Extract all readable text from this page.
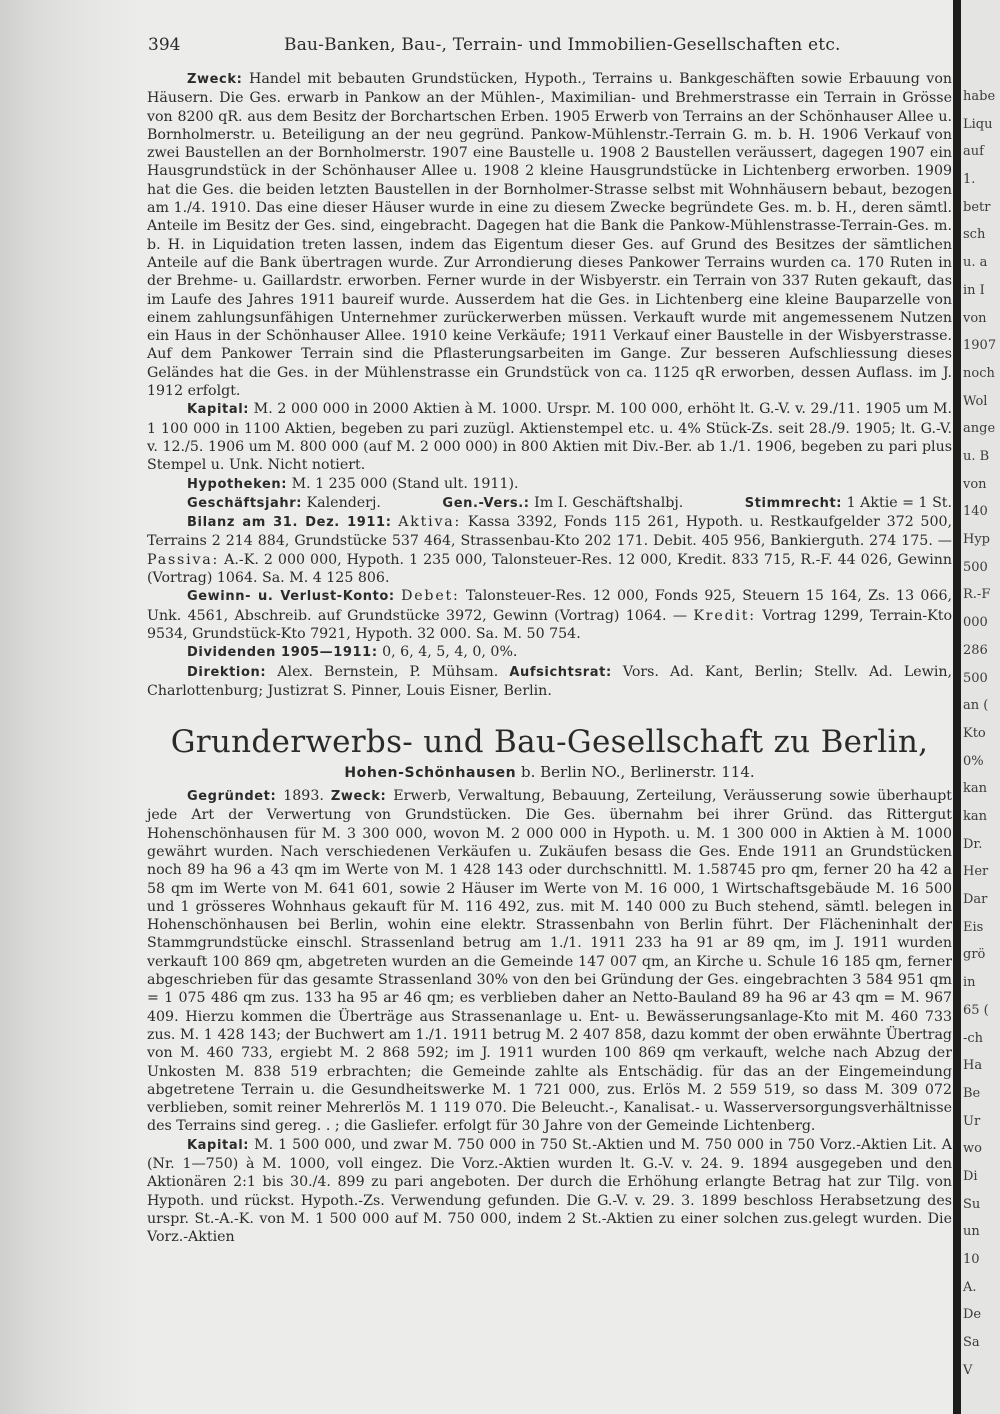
habe
Liqu
auf
1.
betr
sch
u. a
in I
von
1907
noch
Wol
ange
u. B
von
140
Hyp
500
R.-F
000
286
500
an (
Kto
0%
kan
kan
Dr.
Her
Dar
Eis
grö
in
65 (
-ch
Ha
Be
Ur
wo
Di
Su
un
10
A.
De
Sa
V
394	Bau-Banken, Bau-, Terrain- und Immobilien-Gesellschaften etc.

Zweck: Handel mit bebauten Grundstücken, Hypoth., Terrains u. Bankgeschäften sowie Erbauung von Häusern. Die Ges. erwarb in Pankow an der Mühlen-, Maximilian- und Brehmerstrasse ein Terrain in Grösse von 8200 qR. aus dem Besitz der Borchartschen Erben. 1905 Erwerb von Terrains an der Schönhauser Allee u. Bornholmerstr. u. Beteiligung an der neu gegründ. Pankow-Mühlenstr.-Terrain G. m. b. H. 1906 Verkauf von zwei Baustellen an der Bornholmerstr. 1907 eine Baustelle u. 1908 2 Baustellen veräussert, dagegen 1907 ein Hausgrundstück in der Schönhauser Allee u. 1908 2 kleine Hausgrundstücke in Lichtenberg erworben. 1909 hat die Ges. die beiden letzten Baustellen in der Bornholmer-Strasse selbst mit Wohnhäusern bebaut, bezogen am 1./4. 1910. Das eine dieser Häuser wurde in eine zu diesem Zwecke begründete Ges. m. b. H., deren sämtl. Anteile im Besitz der Ges. sind, eingebracht. Dagegen hat die Bank die Pankow-Mühlenstrasse-Terrain-Ges. m. b. H. in Liquidation treten lassen, indem das Eigentum dieser Ges. auf Grund des Besitzes der sämtlichen Anteile auf die Bank übertragen wurde. Zur Arrondierung dieses Pankower Terrains wurden ca. 170 Ruten in der Brehme- u. Gaillardstr. erworben. Ferner wurde in der Wisbyerstr. ein Terrain von 337 Ruten gekauft, das im Laufe des Jahres 1911 baureif wurde. Ausserdem hat die Ges. in Lichtenberg eine kleine Bauparzelle von einem zahlungsunfähigen Unternehmer zurückerwerben müssen. Verkauft wurde mit angemessenem Nutzen ein Haus in der Schönhauser Allee. 1910 keine Verkäufe; 1911 Verkauf einer Baustelle in der Wisbyerstrasse. Auf dem Pankower Terrain sind die Pflasterungsarbeiten im Gange. Zur besseren Aufschliessung dieses Geländes hat die Ges. in der Mühlenstrasse ein Grundstück von ca. 1125 qR erworben, dessen Auflass. im J. 1912 erfolgt.

Kapital: M. 2 000 000 in 2000 Aktien à M. 1000. Urspr. M. 100 000, erhöht lt. G.-V. v. 29./11. 1905 um M. 1 100 000 in 1100 Aktien, begeben zu pari zuzügl. Aktienstempel etc. u. 4% Stück-Zs. seit 28./9. 1905; lt. G.-V. v. 12./5. 1906 um M. 800 000 (auf M. 2 000 000) in 800 Aktien mit Div.-Ber. ab 1./1. 1906, begeben zu pari plus Stempel u. Unk. Nicht notiert.

Hypotheken: M. 1 235 000 (Stand ult. 1911).

Geschäftsjahr: Kalenderj.	Gen.-Vers.: Im I. Geschäftshalbj.	Stimmrecht: 1 Aktie = 1 St.

Bilanz am 31. Dez. 1911: Aktiva: Kassa 3392, Fonds 115 261, Hypoth. u. Restkaufgelder 372 500, Terrains 2 214 884, Grundstücke 537 464, Strassenbau-Kto 202 171. Debit. 405 956, Bankierguth. 274 175. — Passiva: A.-K. 2 000 000, Hypoth. 1 235 000, Talonsteuer-Res. 12 000, Kredit. 833 715, R.-F. 44 026, Gewinn (Vortrag) 1064. Sa. M. 4 125 806.

Gewinn- u. Verlust-Konto: Debet: Talonsteuer-Res. 12 000, Fonds 925, Steuern 15 164, Zs. 13 066, Unk. 4561, Abschreib. auf Grundstücke 3972, Gewinn (Vortrag) 1064. — Kredit: Vortrag 1299, Terrain-Kto 9534, Grundstück-Kto 7921, Hypoth. 32 000. Sa. M. 50 754.

Dividenden 1905—1911: 0, 6, 4, 5, 4, 0, 0%.

Direktion: Alex. Bernstein, P. Mühsam. Aufsichtsrat: Vors. Ad. Kant, Berlin; Stellv. Ad. Lewin, Charlottenburg; Justizrat S. Pinner, Louis Eisner, Berlin.

Grunderwerbs- und Bau-Gesellschaft zu Berlin,
Hohen-Schönhausen b. Berlin NO., Berlinerstr. 114.

Gegründet: 1893. Zweck: Erwerb, Verwaltung, Bebauung, Zerteilung, Veräusserung sowie überhaupt jede Art der Verwertung von Grundstücken. Die Ges. übernahm bei ihrer Gründ. das Rittergut Hohenschönhausen für M. 3 300 000, wovon M. 2 000 000 in Hypoth. u. M. 1 300 000 in Aktien à M. 1000 gewährt wurden. Nach verschiedenen Verkäufen u. Zukäufen besass die Ges. Ende 1911 an Grundstücken noch 89 ha 96 a 43 qm im Werte von M. 1 428 143 oder durchschnittl. M. 1.58745 pro qm, ferner 20 ha 42 a 58 qm im Werte von M. 641 601, sowie 2 Häuser im Werte von M. 16 000, 1 Wirtschaftsgebäude M. 16 500 und 1 grösseres Wohnhaus gekauft für M. 116 492, zus. mit M. 140 000 zu Buch stehend, sämtl. belegen in Hohenschönhausen bei Berlin, wohin eine elektr. Strassenbahn von Berlin führt. Der Flächeninhalt der Stammgrundstücke einschl. Strassenland betrug am 1./1. 1911 233 ha 91 ar 89 qm, im J. 1911 wurden verkauft 100 869 qm, abgetreten wurden an die Gemeinde 147 007 qm, an Kirche u. Schule 16 185 qm, ferner abgeschrieben für das gesamte Strassenland 30% von den bei Gründung der Ges. eingebrachten 3 584 951 qm = 1 075 486 qm zus. 133 ha 95 ar 46 qm; es verblieben daher an Netto-Bauland 89 ha 96 ar 43 qm = M. 967 409. Hierzu kommen die Überträge aus Strassenanlage u. Ent- u. Bewässerungsanlage-Kto mit M. 460 733 zus. M. 1 428 143; der Buchwert am 1./1. 1911 betrug M. 2 407 858, dazu kommt der oben erwähnte Übertrag von M. 460 733, ergiebt M. 2 868 592; im J. 1911 wurden 100 869 qm verkauft, welche nach Abzug der Unkosten M. 838 519 erbrachten; die Gemeinde zahlte als Entschädig. für das an der Eingemeindung abgetretene Terrain u. die Gesundheitswerke M. 1 721 000, zus. Erlös M. 2 559 519, so dass M. 309 072 verblieben, somit reiner Mehrerlös M. 1 119 070. Die Beleucht.-, Kanalisat.- u. Wasserversorgungsverhältnisse des Terrains sind gereg. . ; die Gasliefer. erfolgt für 30 Jahre von der Gemeinde Lichtenberg.

Kapital: M. 1 500 000, und zwar M. 750 000 in 750 St.-Aktien und M. 750 000 in 750 Vorz.-Aktien Lit. A (Nr. 1—750) à M. 1000, voll eingez. Die Vorz.-Aktien wurden lt. G.-V. v. 24. 9. 1894 ausgegeben und den Aktionären 2:1 bis 30./4. 899 zu pari angeboten. Der durch die Erhöhung erlangte Betrag hat zur Tilg. von Hypoth. und rückst. Hypoth.-Zs. Verwendung gefunden. Die G.-V. v. 29. 3. 1899 beschloss Herabsetzung des urspr. St.-A.-K. von M. 1 500 000 auf M. 750 000, indem 2 St.-Aktien zu einer solchen zus.gelegt wurden. Die Vorz.-Aktien
